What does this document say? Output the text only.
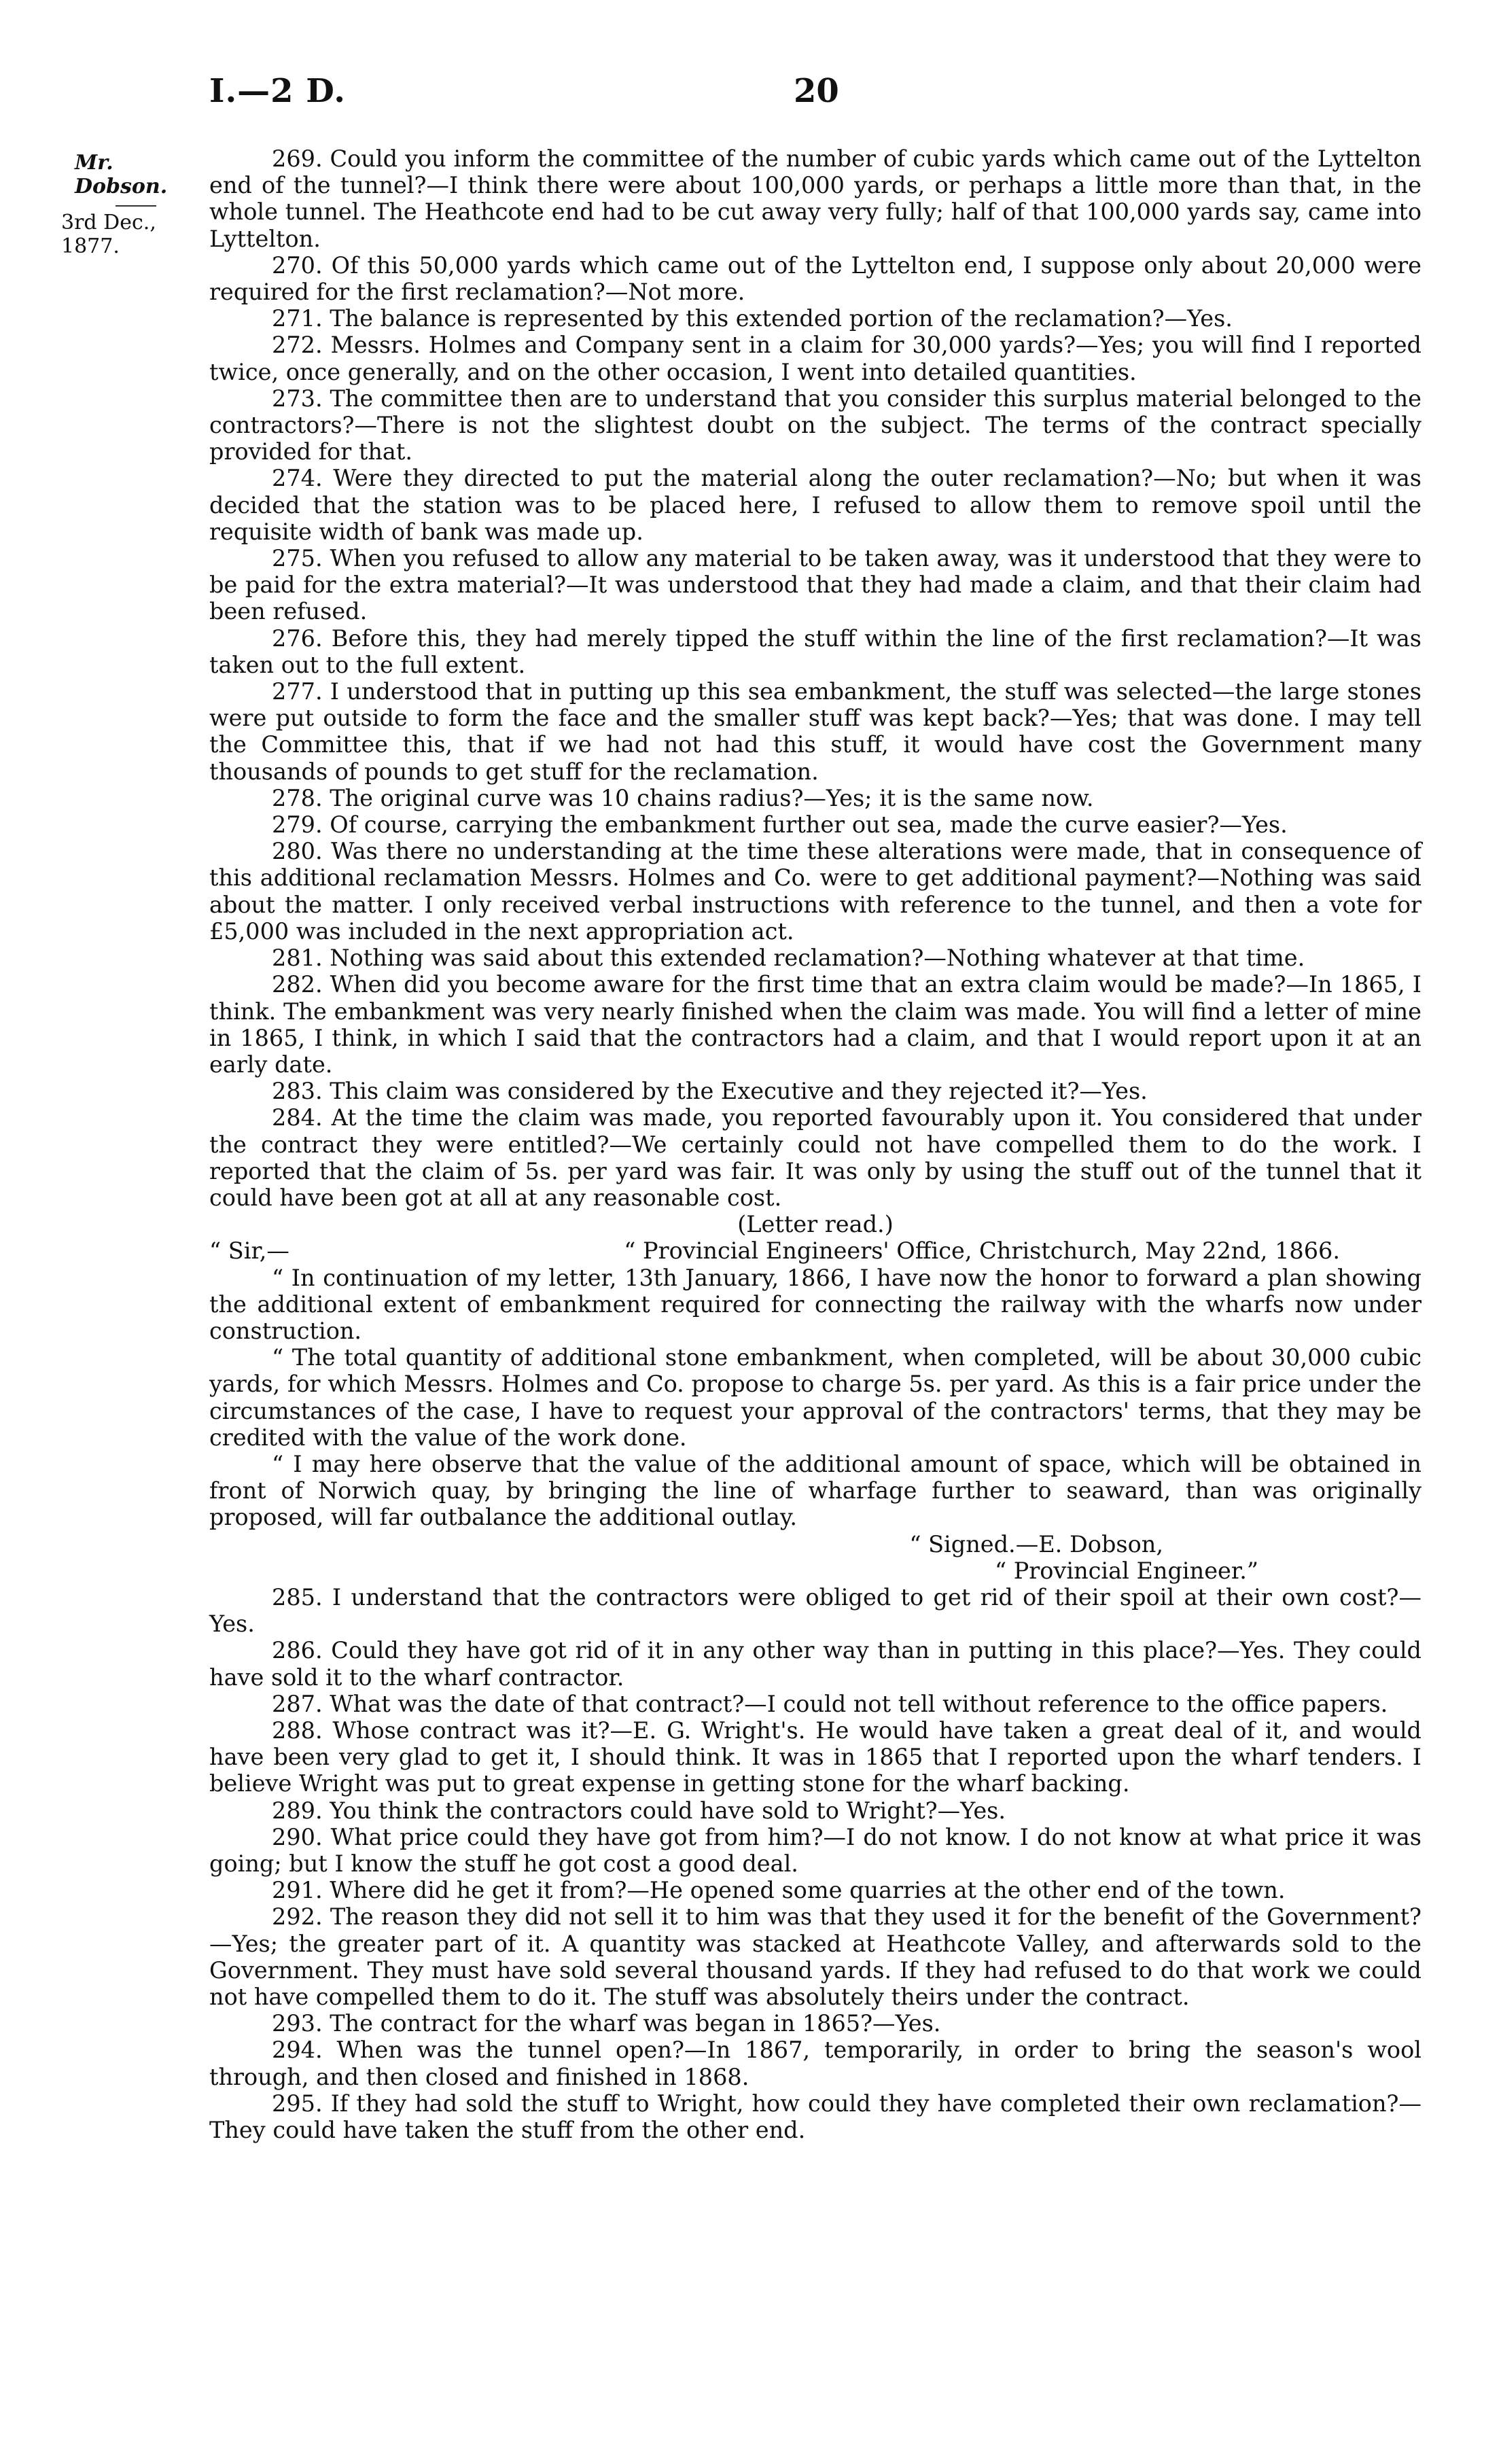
I.—2 D.	20
Mr. Dobson.
3rd Dec., 1877.

269. Could you inform the committee of the number of cubic yards which came out of the Lyttelton end of the tunnel?—I think there were about 100,000 yards, or perhaps a little more than that, in the whole tunnel. The Heathcote end had to be cut away very fully; half of that 100,000 yards say, came into Lyttelton.

270. Of this 50,000 yards which came out of the Lyttelton end, I suppose only about 20,000 were required for the first reclamation?—Not more.

271. The balance is represented by this extended portion of the reclamation?—Yes.

272. Messrs. Holmes and Company sent in a claim for 30,000 yards?—Yes; you will find I reported twice, once generally, and on the other occasion, I went into detailed quantities.

273. The committee then are to understand that you consider this surplus material belonged to the contractors?—There is not the slightest doubt on the subject. The terms of the contract specially provided for that.

274. Were they directed to put the material along the outer reclamation?—No; but when it was decided that the station was to be placed here, I refused to allow them to remove spoil until the requisite width of bank was made up.

275. When you refused to allow any material to be taken away, was it understood that they were to be paid for the extra material?—It was understood that they had made a claim, and that their claim had been refused.

276. Before this, they had merely tipped the stuff within the line of the first reclamation?—It was taken out to the full extent.

277. I understood that in putting up this sea embankment, the stuff was selected—the large stones were put outside to form the face and the smaller stuff was kept back?—Yes; that was done. I may tell the Committee this, that if we had not had this stuff, it would have cost the Government many thousands of pounds to get stuff for the reclamation.

278. The original curve was 10 chains radius?—Yes; it is the same now.

279. Of course, carrying the embankment further out sea, made the curve easier?—Yes.

280. Was there no understanding at the time these alterations were made, that in consequence of this additional reclamation Messrs. Holmes and Co. were to get additional payment?—Nothing was said about the matter. I only received verbal instructions with reference to the tunnel, and then a vote for £5,000 was included in the next appropriation act.

281. Nothing was said about this extended reclamation?—Nothing whatever at that time.

282. When did you become aware for the first time that an extra claim would be made?—In 1865, I think. The embankment was very nearly finished when the claim was made. You will find a letter of mine in 1865, I think, in which I said that the contractors had a claim, and that I would report upon it at an early date.

283. This claim was considered by the Executive and they rejected it?—Yes.

284. At the time the claim was made, you reported favourably upon it. You considered that under the contract they were entitled?—We certainly could not have compelled them to do the work. I reported that the claim of 5s. per yard was fair. It was only by using the stuff out of the tunnel that it could have been got at all at any reasonable cost.

(Letter read.)

“ Sir,—	“ Provincial Engineers' Office, Christchurch, May 22nd, 1866.

“ In continuation of my letter, 13th January, 1866, I have now the honor to forward a plan showing the additional extent of embankment required for connecting the railway with the wharfs now under construction.

“ The total quantity of additional stone embankment, when completed, will be about 30,000 cubic yards, for which Messrs. Holmes and Co. propose to charge 5s. per yard. As this is a fair price under the circumstances of the case, I have to request your approval of the contractors' terms, that they may be credited with the value of the work done.

“ I may here observe that the value of the additional amount of space, which will be obtained in front of Norwich quay, by bringing the line of wharfage further to seaward, than was originally proposed, will far outbalance the additional outlay.

“ Signed.—E. Dobson,

“ Provincial Engineer.”

285. I understand that the contractors were obliged to get rid of their spoil at their own cost?—Yes.

286. Could they have got rid of it in any other way than in putting in this place?—Yes. They could have sold it to the wharf contractor.

287. What was the date of that contract?—I could not tell without reference to the office papers.

288. Whose contract was it?—E. G. Wright's. He would have taken a great deal of it, and would have been very glad to get it, I should think. It was in 1865 that I reported upon the wharf tenders. I believe Wright was put to great expense in getting stone for the wharf backing.

289. You think the contractors could have sold to Wright?—Yes.

290. What price could they have got from him?—I do not know. I do not know at what price it was going; but I know the stuff he got cost a good deal.

291. Where did he get it from?—He opened some quarries at the other end of the town.

292. The reason they did not sell it to him was that they used it for the benefit of the Government?—Yes; the greater part of it. A quantity was stacked at Heathcote Valley, and afterwards sold to the Government. They must have sold several thousand yards. If they had refused to do that work we could not have compelled them to do it. The stuff was absolutely theirs under the contract.

293. The contract for the wharf was began in 1865?—Yes.

294. When was the tunnel open?—In 1867, temporarily, in order to bring the season's wool through, and then closed and finished in 1868.

295. If they had sold the stuff to Wright, how could they have completed their own reclamation?—They could have taken the stuff from the other end.
